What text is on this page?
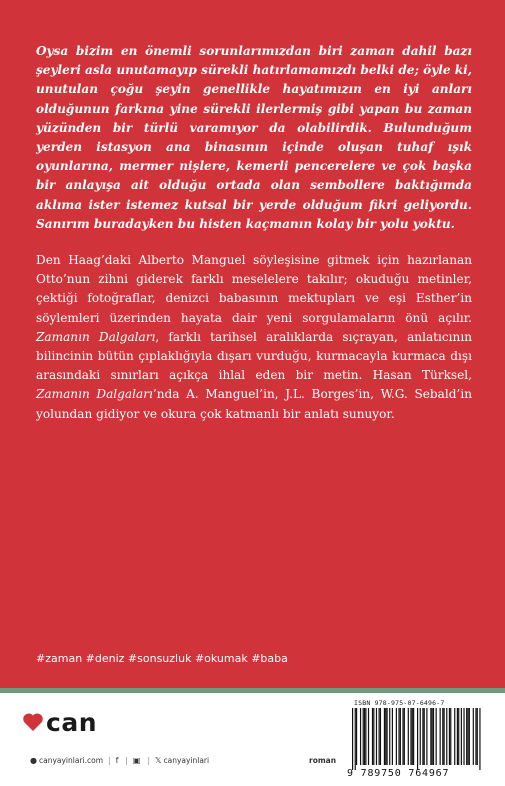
Oysa bizim en önemli sorunlarımızdan biri zaman dahil bazı şeyleri asla unutamayıp sürekli hatırlamamızdı belki de; öyle ki, unutulan çoğu şeyin genellikle hayatımızın en iyi anları olduğunun farkına yine sürekli ilerlermiş gibi yapan bu zaman yüzünden bir türlü varamıyor da olabilirdik. Bulunduğum yerden istasyon ana binasının içinde oluşan tuhaf ışık oyunlarına, mermer nişlere, kemerli pencerelere ve çok başka bir anlayışa ait olduğu ortada olan sembollere baktığımda aklıma ister istemez kutsal bir yerde olduğum fikri geliyordu. Sanırım buradayken bu histen kaçmanın kolay bir yolu yoktu.

Den Haag’daki Alberto Manguel söyleşisine gitmek için hazırlanan Otto’nun zihni giderek farklı meselelere takılır; okuduğu metinler, çektiği fotoğraflar, denizci babasının mektupları ve eşi Esther’in söylemleri üzerinden hayata dair yeni sorgulamaların önü açılır. Zamanın Dalgaları, farklı tarihsel aralıklarda sıçrayan, anlatıcının bilincinin bütün çıplaklığıyla dışarı vurduğu, kurmacayla kurmaca dışı arasındaki sınırları açıkça ihlal eden bir metin. Hasan Türksel, Zamanın Dalgaları’nda A. Manguel’in, J.L. Borges’in, W.G. Sebald’in yolundan gidiyor ve okura çok katmanlı bir anlatı sunuyor.

#zaman #deniz #sonsuzluk #okumak #baba

can
● canyayinlari.com | f | ▣ | 𝕏 canyayinlari	roman
ISBN 978-975-07-6496-7
9 789750 764967
